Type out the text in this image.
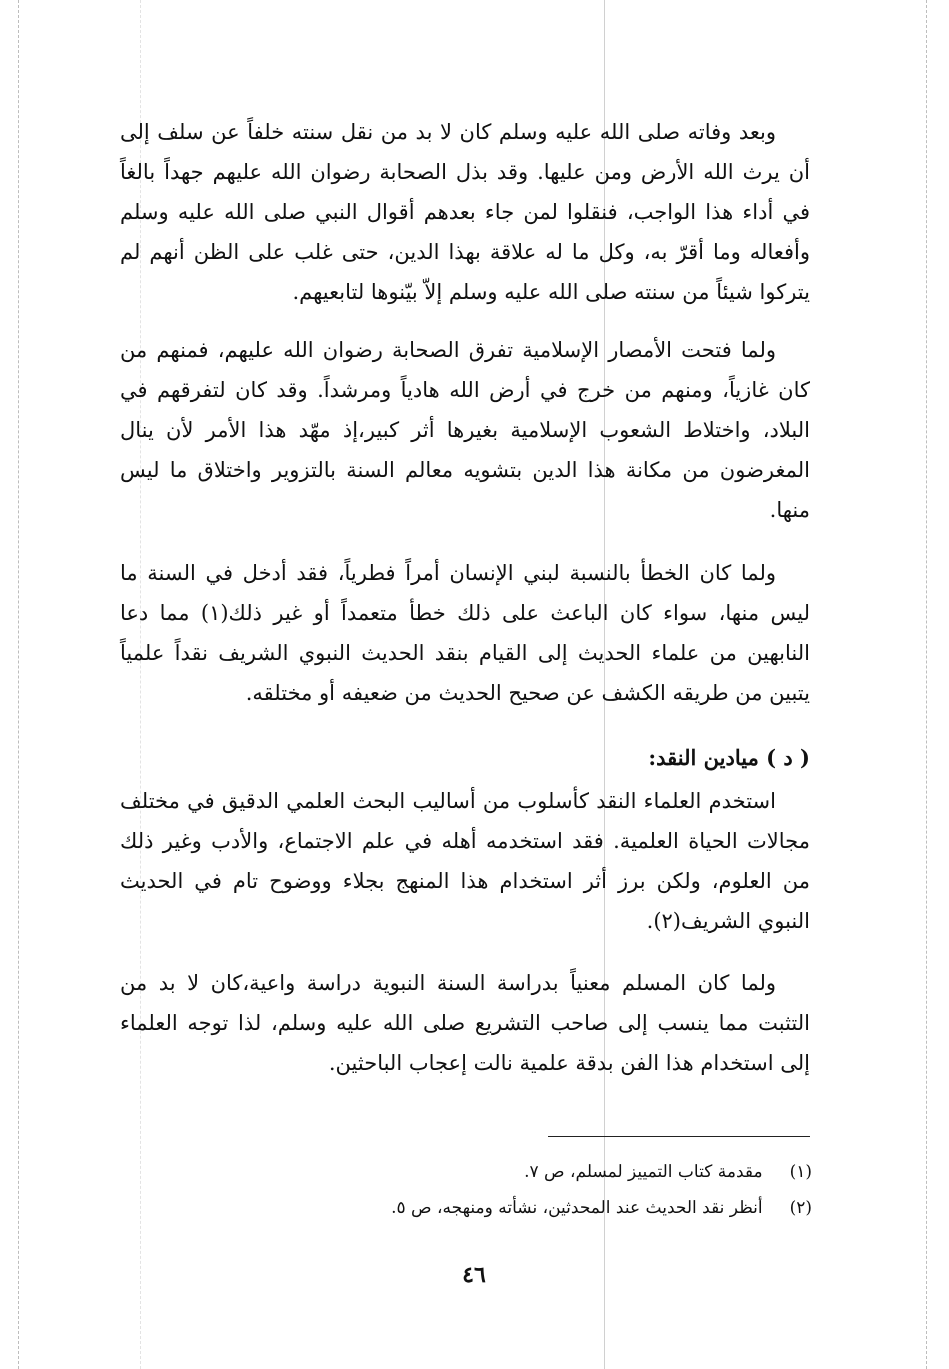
وبعد وفاته صلى الله عليه وسلم كان لا بد من نقل سنته خلفاً عن سلف إلى أن يرث الله الأرض ومن عليها. وقد بذل الصحابة رضوان الله عليهم جهداً بالغاً في أداء هذا الواجب، فنقلوا لمن جاء بعدهم أقوال النبي صلى الله عليه وسلم وأفعاله وما أقرّ به، وكل ما له علاقة بهذا الدين، حتى غلب على الظن أنهم لم يتركوا شيئاً من سنته صلى الله عليه وسلم إلاّ بيّنوها لتابعيهم.

ولما فتحت الأمصار الإسلامية تفرق الصحابة رضوان الله عليهم، فمنهم من كان غازياً، ومنهم من خرج في أرض الله هادياً ومرشداً. وقد كان لتفرقهم في البلاد، واختلاط الشعوب الإسلامية بغيرها أثر كبير،إذ مهّد هذا الأمر لأن ينال المغرضون من مكانة هذا الدين بتشويه معالم السنة بالتزوير واختلاق ما ليس منها.

ولما كان الخطأ بالنسبة لبني الإنسان أمراً فطرياً، فقد أدخل في السنة ما ليس منها، سواء كان الباعث على ذلك خطأ متعمداً أو غير ذلك(١) مما دعا النابهين من علماء الحديث إلى القيام بنقد الحديث النبوي الشريف نقداً علمياً يتبين من طريقه الكشف عن صحيح الحديث من ضعيفه أو مختلقه.

( د ) ميادين النقد:

استخدم العلماء النقد كأسلوب من أساليب البحث العلمي الدقيق في مختلف مجالات الحياة العلمية. فقد استخدمه أهله في علم الاجتماع، والأدب وغير ذلك من العلوم، ولكن برز أثر استخدام هذا المنهج بجلاء ووضوح تام في الحديث النبوي الشريف(٢).

ولما كان المسلم معنياً بدراسة السنة النبوية دراسة واعية،كان لا بد من التثبت مما ينسب إلى صاحب التشريع صلى الله عليه وسلم، لذا توجه العلماء إلى استخدام هذا الفن بدقة علمية نالت إعجاب الباحثين.

(١) مقدمة كتاب التمييز لمسلم، ص ٧.
(٢) أنظر نقد الحديث عند المحدثين، نشأته ومنهجه، ص ٥.
٤٦
